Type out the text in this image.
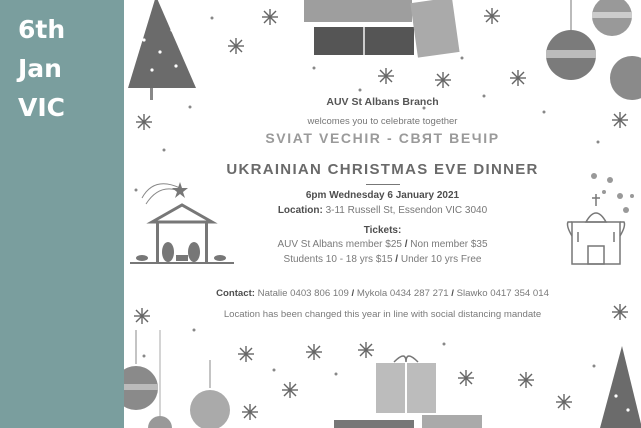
6th
Jan
VIC	AUV St Albans Branch
welcomes you to celebrate together
SVIAT VECHIR - СВЯТ ВЕЧІР
UKRAINIAN CHRISTMAS EVE DINNER
6pm Wednesday 6 January 2021
Location: 3-11 Russell St, Essendon VIC 3040
Tickets:
AUV St Albans member $25 / Non member $35
Students 10 - 18 yrs $15 / Under 10 yrs Free
Contact: Natalie 0403 806 109 / Mykola 0434 287 271 / Slawko 0417 354 014
Location has been changed this year in line with social distancing mandate
